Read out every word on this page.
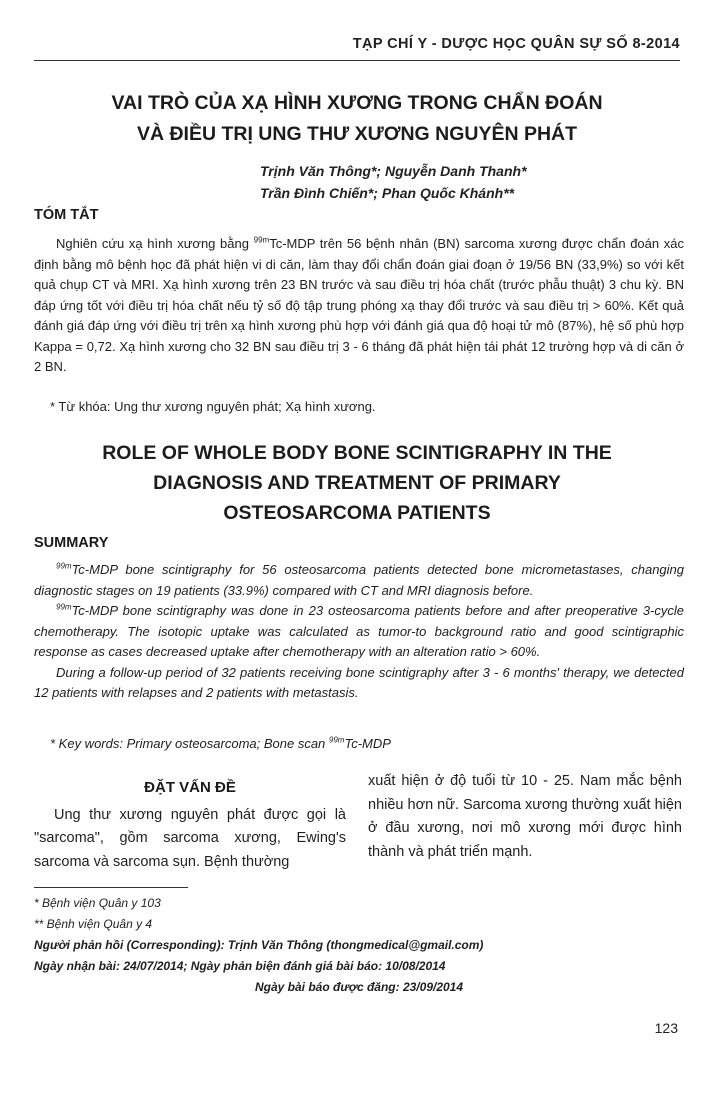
TẠP CHÍ Y - DƯỢC HỌC QUÂN SỰ SỐ 8-2014
VAI TRÒ CỦA XẠ HÌNH XƯƠNG TRONG CHẨN ĐOÁN
VÀ ĐIỀU TRỊ UNG THƯ XƯƠNG NGUYÊN PHÁT
Trịnh Văn Thông*; Nguyễn Danh Thanh*
Trần Đình Chiến*; Phan Quốc Khánh**
TÓM TẮT

Nghiên cứu xạ hình xương bằng $^{99m}$Tc-MDP trên 56 bệnh nhân (BN) sarcoma xương được chẩn đoán xác định bằng mô bệnh học đã phát hiện vi di căn, làm thay đổi chẩn đoán giai đoạn ở 19/56 BN (33,9%) so với kết quả chụp CT và MRI. Xạ hình xương trên 23 BN trước và sau điều trị hóa chất (trước phẫu thuật) 3 chu kỳ. BN đáp ứng tốt với điều trị hóa chất nếu tỷ số độ tập trung phóng xạ thay đổi trước và sau điều trị > 60%. Kết quả đánh giá đáp ứng với điều trị trên xạ hình xương phù hợp với đánh giá qua độ hoại tử mô (87%), hệ số phù hợp Kappa = 0,72. Xạ hình xương cho 32 BN sau điều trị 3 - 6 tháng đã phát hiện tái phát 12 trường hợp và di căn ở 2 BN.

* Từ khóa: Ung thư xương nguyên phát; Xạ hình xương.
ROLE OF WHOLE BODY BONE SCINTIGRAPHY IN THE
DIAGNOSIS AND TREATMENT OF PRIMARY
OSTEOSARCOMA PATIENTS
SUMMARY

$^{99m}$Tc-MDP bone scintigraphy for 56 osteosarcoma patients detected bone micrometastases, changing diagnostic stages on 19 patients (33.9%) compared with CT and MRI diagnosis before.

$^{99m}$Tc-MDP bone scintigraphy was done in 23 osteosarcoma patients before and after preoperative 3-cycle chemotherapy. The isotopic uptake was calculated as tumor-to background ratio and good scintigraphic response as cases decreased uptake after chemotherapy with an alteration ratio > 60%.

During a follow-up period of 32 patients receiving bone scintigraphy after 3 - 6 months' therapy, we detected 12 patients with relapses and 2 patients with metastasis.

* Key words: Primary osteosarcoma; Bone scan $^{99m}$Tc-MDP
ĐẶT VẤN ĐỀ

Ung thư xương nguyên phát được gọi là "sarcoma", gồm sarcoma xương, Ewing's sarcoma và sarcoma sụn. Bệnh thường

xuất hiện ở độ tuổi từ 10 - 25. Nam mắc bệnh nhiều hơn nữ. Sarcoma xương thường xuất hiện ở đầu xương, nơi mô xương mới được hình thành và phát triển mạnh.

* Bệnh viện Quân y 103
** Bệnh viện Quân y 4
Người phản hồi (Corresponding): Trịnh Văn Thông (thongmedical@gmail.com)
Ngày nhận bài: 24/07/2014; Ngày phản biện đánh giá bài báo: 10/08/2014
Ngày bài báo được đăng: 23/09/2014
123
